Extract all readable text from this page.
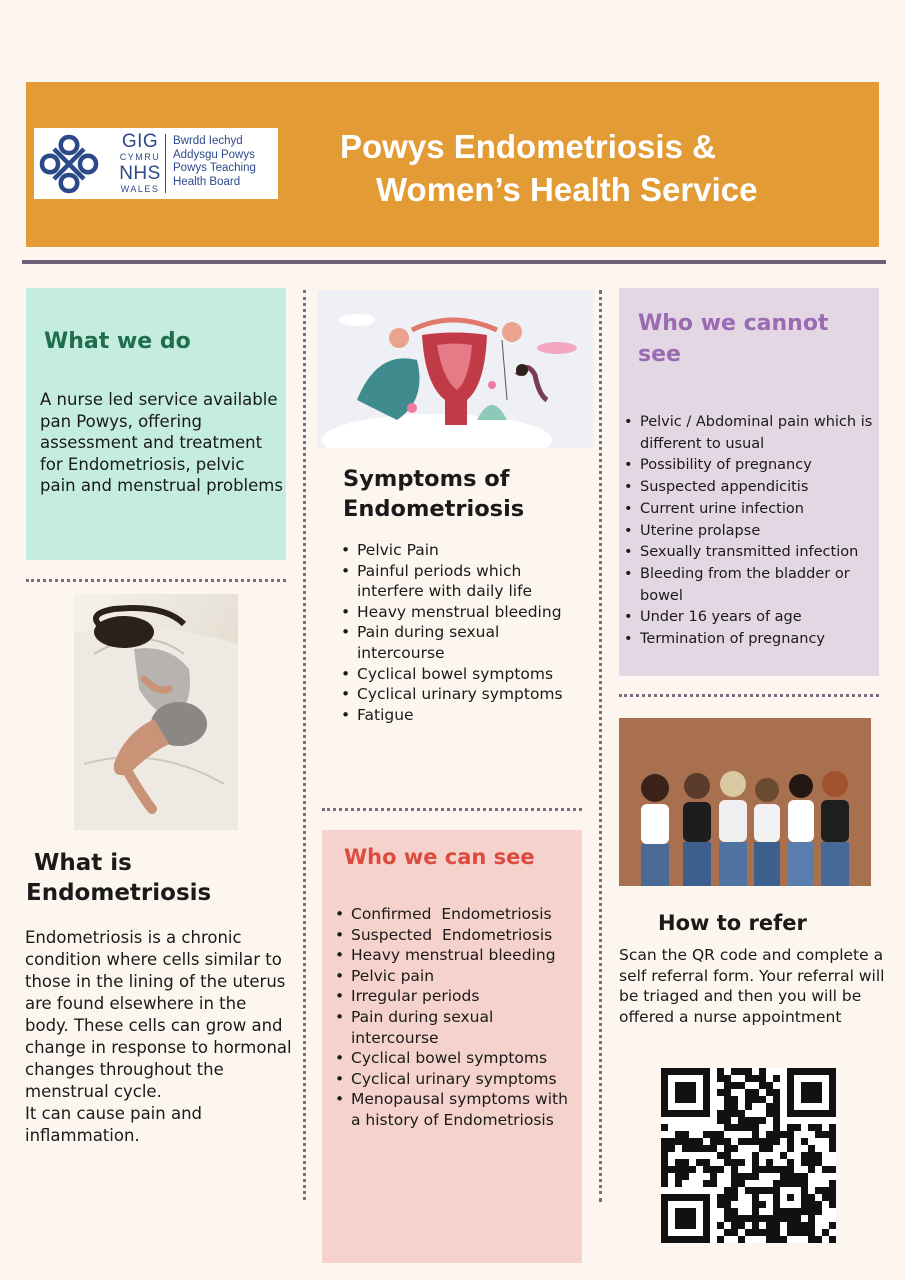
GIG
CYMRU
NHS
WALES
Bwrdd Iechyd
Addysgu Powys
Powys Teaching
Health Board
Powys Endometriosis &
Women’s Health Service
What we do
A nurse led service available pan Powys, offering assessment and treatment for Endometriosis, pelvic pain and menstrual problems
What is
Endometriosis
Endometriosis is a chronic condition where cells similar to those in the lining of the uterus are found elsewhere in the body. These cells can grow and change in response to hormonal changes throughout the menstrual cycle.
It can cause pain and inflammation.
Symptoms of
Endometriosis
• Pelvic Pain
• Painful periods which interfere with daily life
• Heavy menstrual bleeding
• Pain during sexual intercourse
• Cyclical bowel symptoms
• Cyclical urinary symptoms
• Fatigue
Who we can see
• Confirmed  Endometriosis
• Suspected  Endometriosis
• Heavy menstrual bleeding
• Pelvic pain
• Irregular periods
• Pain during sexual intercourse
• Cyclical bowel symptoms
• Cyclical urinary symptoms
• Menopausal symptoms with a history of Endometriosis
Who we cannot see
• Pelvic / Abdominal pain which is different to usual
• Possibility of pregnancy
• Suspected appendicitis
• Current urine infection
• Uterine prolapse
• Sexually transmitted infection
• Bleeding from the bladder or bowel
• Under 16 years of age
• Termination of pregnancy
How to refer
Scan the QR code and complete a self referral form. Your referral will be triaged and then you will be offered a nurse appointment
